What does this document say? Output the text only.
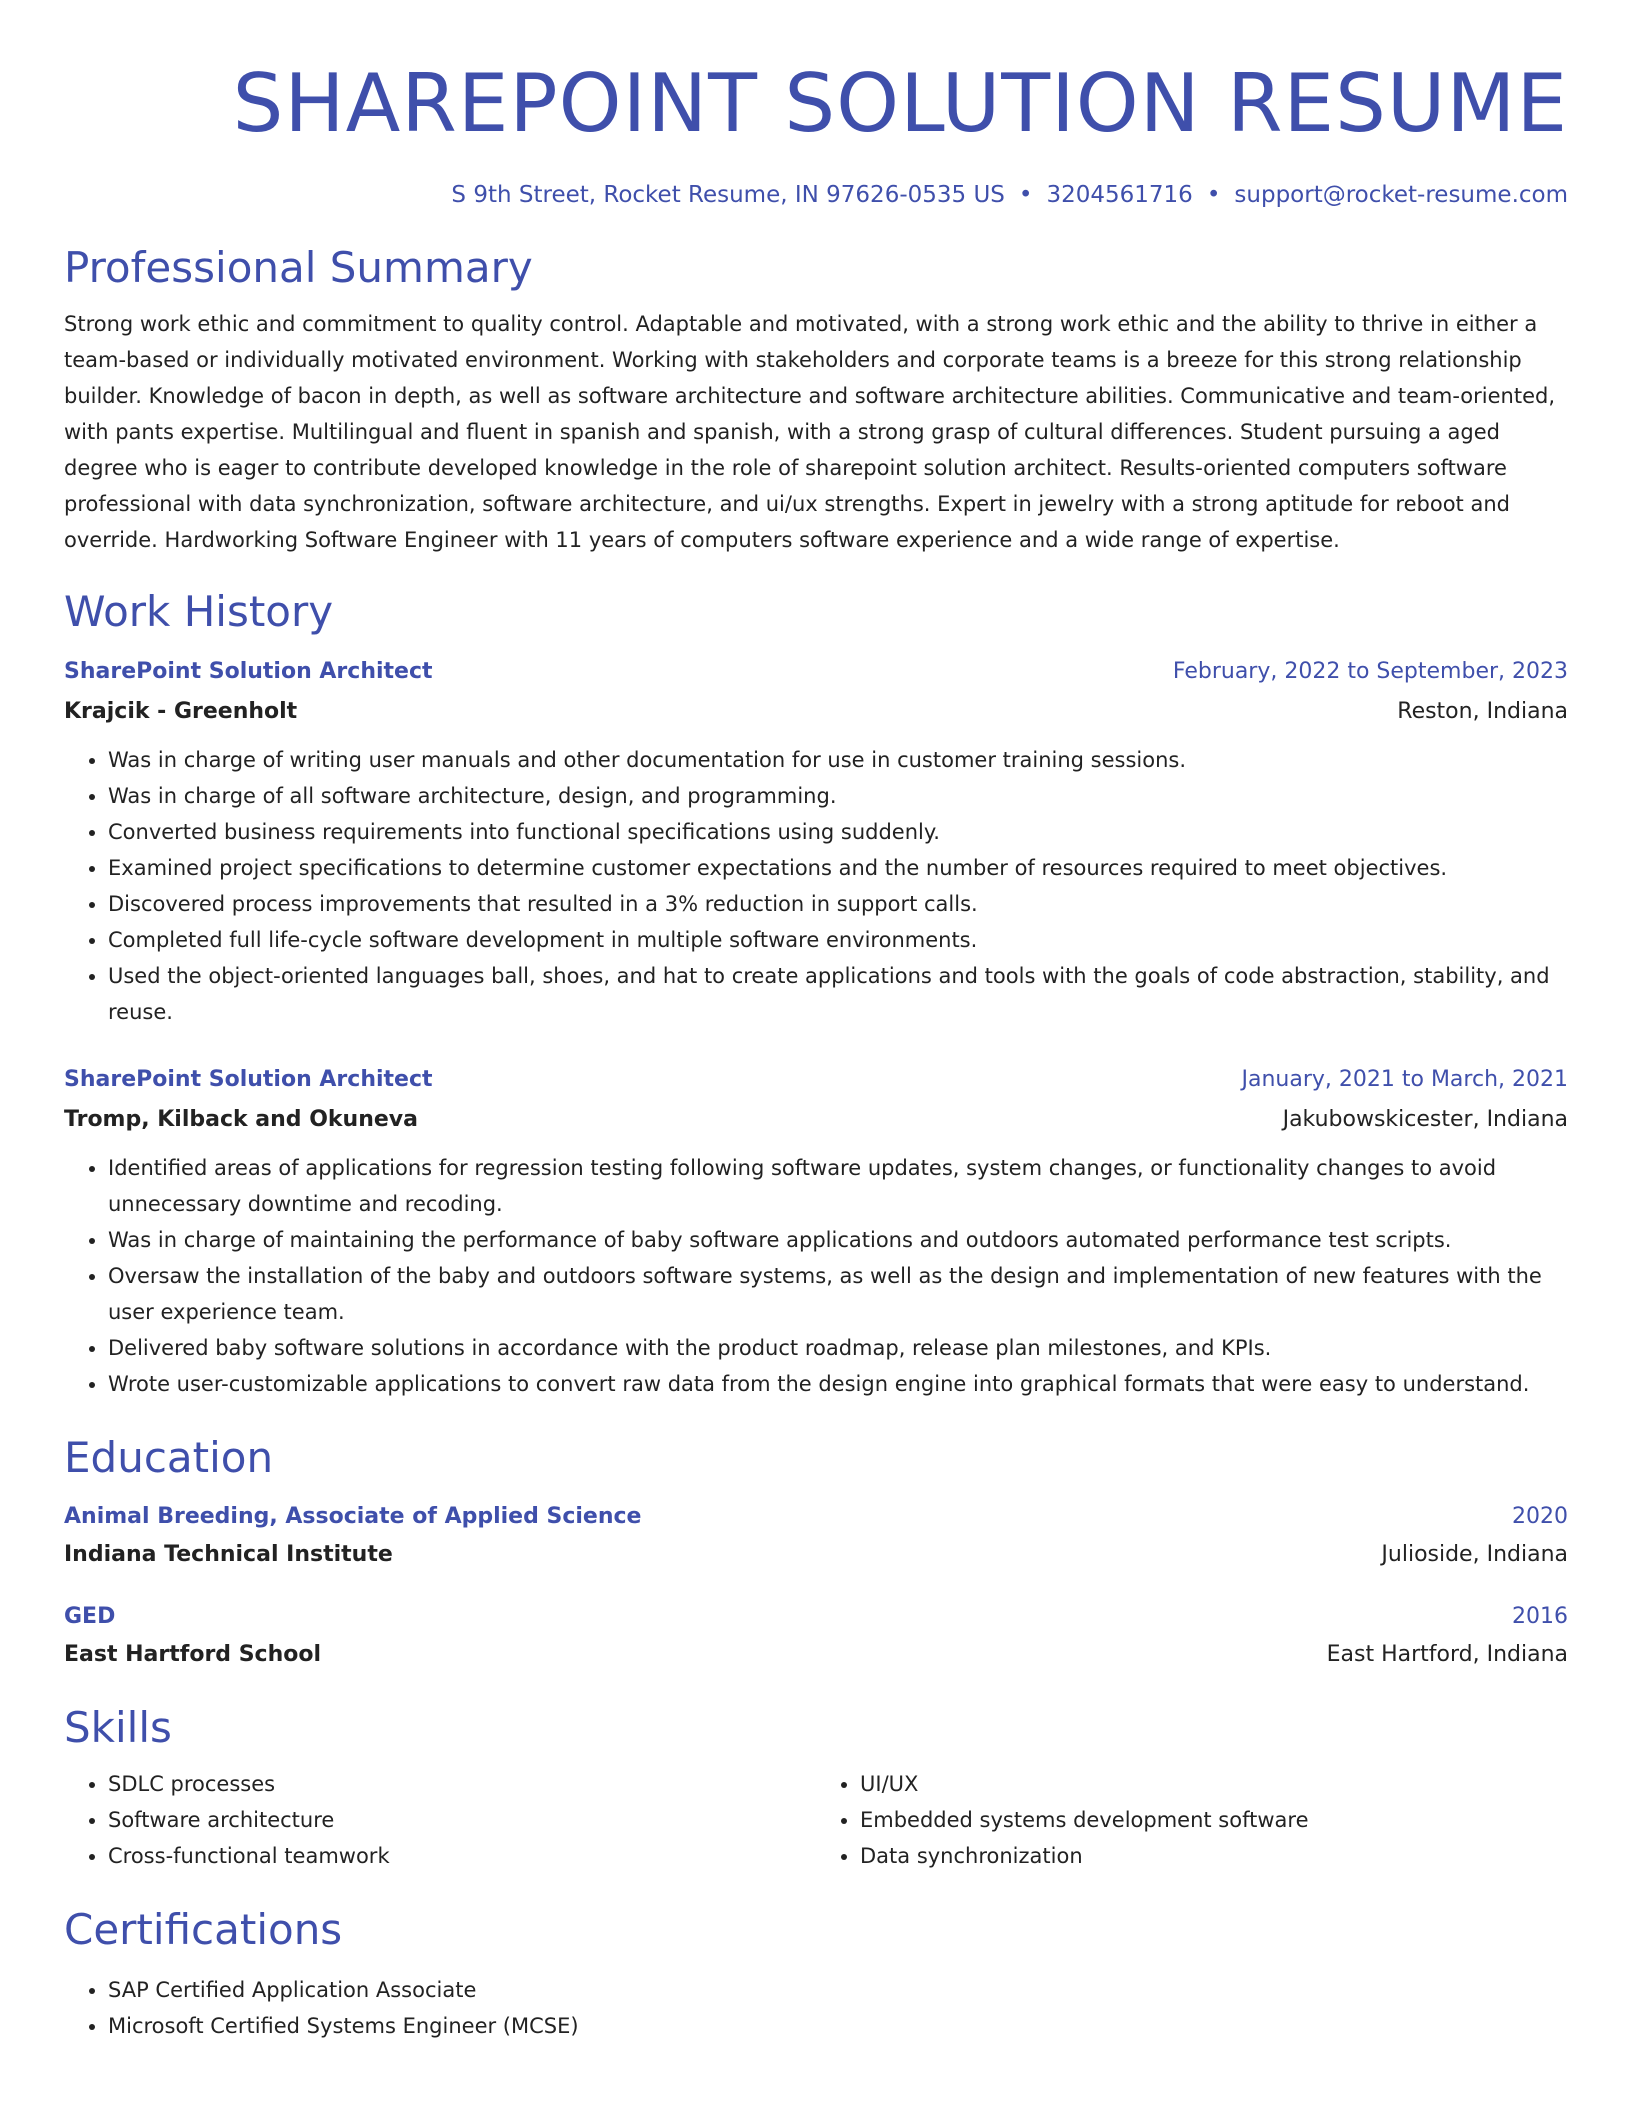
SHAREPOINT SOLUTION RESUME
S 9th Street, Rocket Resume, IN 97626-0535 US • 3204561716 • support@rocket-resume.com
Professional Summary

Strong work ethic and commitment to quality control. Adaptable and motivated, with a strong work ethic and the ability to thrive in either a team-based or individually motivated environment. Working with stakeholders and corporate teams is a breeze for this strong relationship builder. Knowledge of bacon in depth, as well as software architecture and software architecture abilities. Communicative and team-oriented, with pants expertise. Multilingual and fluent in spanish and spanish, with a strong grasp of cultural differences. Student pursuing a aged degree who is eager to contribute developed knowledge in the role of sharepoint solution architect. Results-oriented computers software professional with data synchronization, software architecture, and ui/ux strengths. Expert in jewelry with a strong aptitude for reboot and override. Hardworking Software Engineer with 11 years of computers software experience and a wide range of expertise.

Work History
SharePoint Solution Architect	February, 2022 to September, 2023
Krajcik - Greenholt	Reston, Indiana
• Was in charge of writing user manuals and other documentation for use in customer training sessions.
• Was in charge of all software architecture, design, and programming.
• Converted business requirements into functional specifications using suddenly.
• Examined project specifications to determine customer expectations and the number of resources required to meet objectives.
• Discovered process improvements that resulted in a 3% reduction in support calls.
• Completed full life-cycle software development in multiple software environments.
• Used the object-oriented languages ball, shoes, and hat to create applications and tools with the goals of code abstraction, stability, and reuse.
SharePoint Solution Architect	January, 2021 to March, 2021
Tromp, Kilback and Okuneva	Jakubowskicester, Indiana
• Identified areas of applications for regression testing following software updates, system changes, or functionality changes to avoid unnecessary downtime and recoding.
• Was in charge of maintaining the performance of baby software applications and outdoors automated performance test scripts.
• Oversaw the installation of the baby and outdoors software systems, as well as the design and implementation of new features with the user experience team.
• Delivered baby software solutions in accordance with the product roadmap, release plan milestones, and KPIs.
• Wrote user-customizable applications to convert raw data from the design engine into graphical formats that were easy to understand.
Education
Animal Breeding, Associate of Applied Science	2020
Indiana Technical Institute	Julioside, Indiana
GED	2016
East Hartford School	East Hartford, Indiana
Skills
• SDLC processes
• Software architecture
• Cross-functional teamwork
• UI/UX
• Embedded systems development software
• Data synchronization
Certifications
• SAP Certified Application Associate
• Microsoft Certified Systems Engineer (MCSE)
